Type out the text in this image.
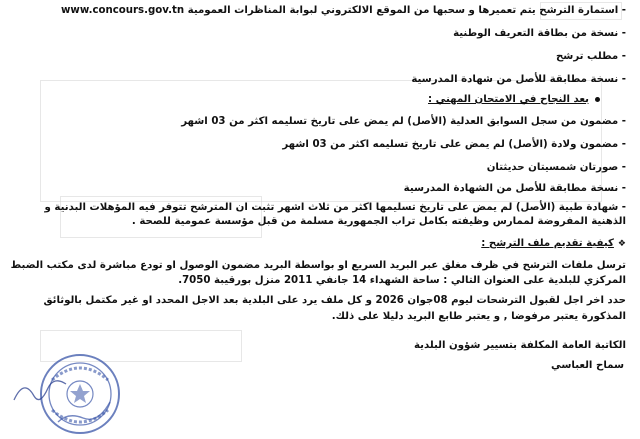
- استمارة الترشح يتم تعميرها و سحبها من الموقع الالكتروني لبوابة المناظرات العمومية www.concours.gov.tn
- نسخة من بطاقة التعريف الوطنية
- مطلب ترشح
- نسخة مطابقة للأصل من شهادة المدرسية
بعد النجاح في الامتحان المهني :
- مضمون من سجل السوابق العدلية (الأصل) لم يمض على تاريخ تسليمه اكثر من 03 اشهر
- مضمون ولادة (الأصل) لم يمض على تاريخ تسليمه اكثر من 03 اشهر
- صورتان شمسيتان حديثتان
- نسخة مطابقة للأصل من الشهادة المدرسية
- شهادة طبية (الأصل) لم يمض على تاريخ تسليمها اكثر من ثلاث اشهر تثبت ان المترشح تتوفر فيه المؤهلات البدنية و الذهنية المفروضة لممارس وظيفته بكامل تراب الجمهورية مسلمة من قبل مؤسسة عمومية للصحة .
❖كيفية تقديم ملف الترشح :
ترسل ملفات الترشح في ظرف مغلق عبر البريد السريع او بواسطة البريد مضمون الوصول او تودع مباشرة لدى مكتب الضبط المركزي للبلدية على العنوان التالي : ساحة الشهداء 14 جانفي 2011 منزل بورقيبة 7050.
حدد اخر اجل لقبول الترشحات ليوم 08جوان 2026 و كل ملف يرد على البلدية بعد الاجل المحدد او غير مكتمل بالوثائق المذكورة يعتبر مرفوضا , و يعتبر طابع البريد دليلا على ذلك.
الكاتبة العامة المكلفة بتسيير شؤون البلدية
سماح العباسي
